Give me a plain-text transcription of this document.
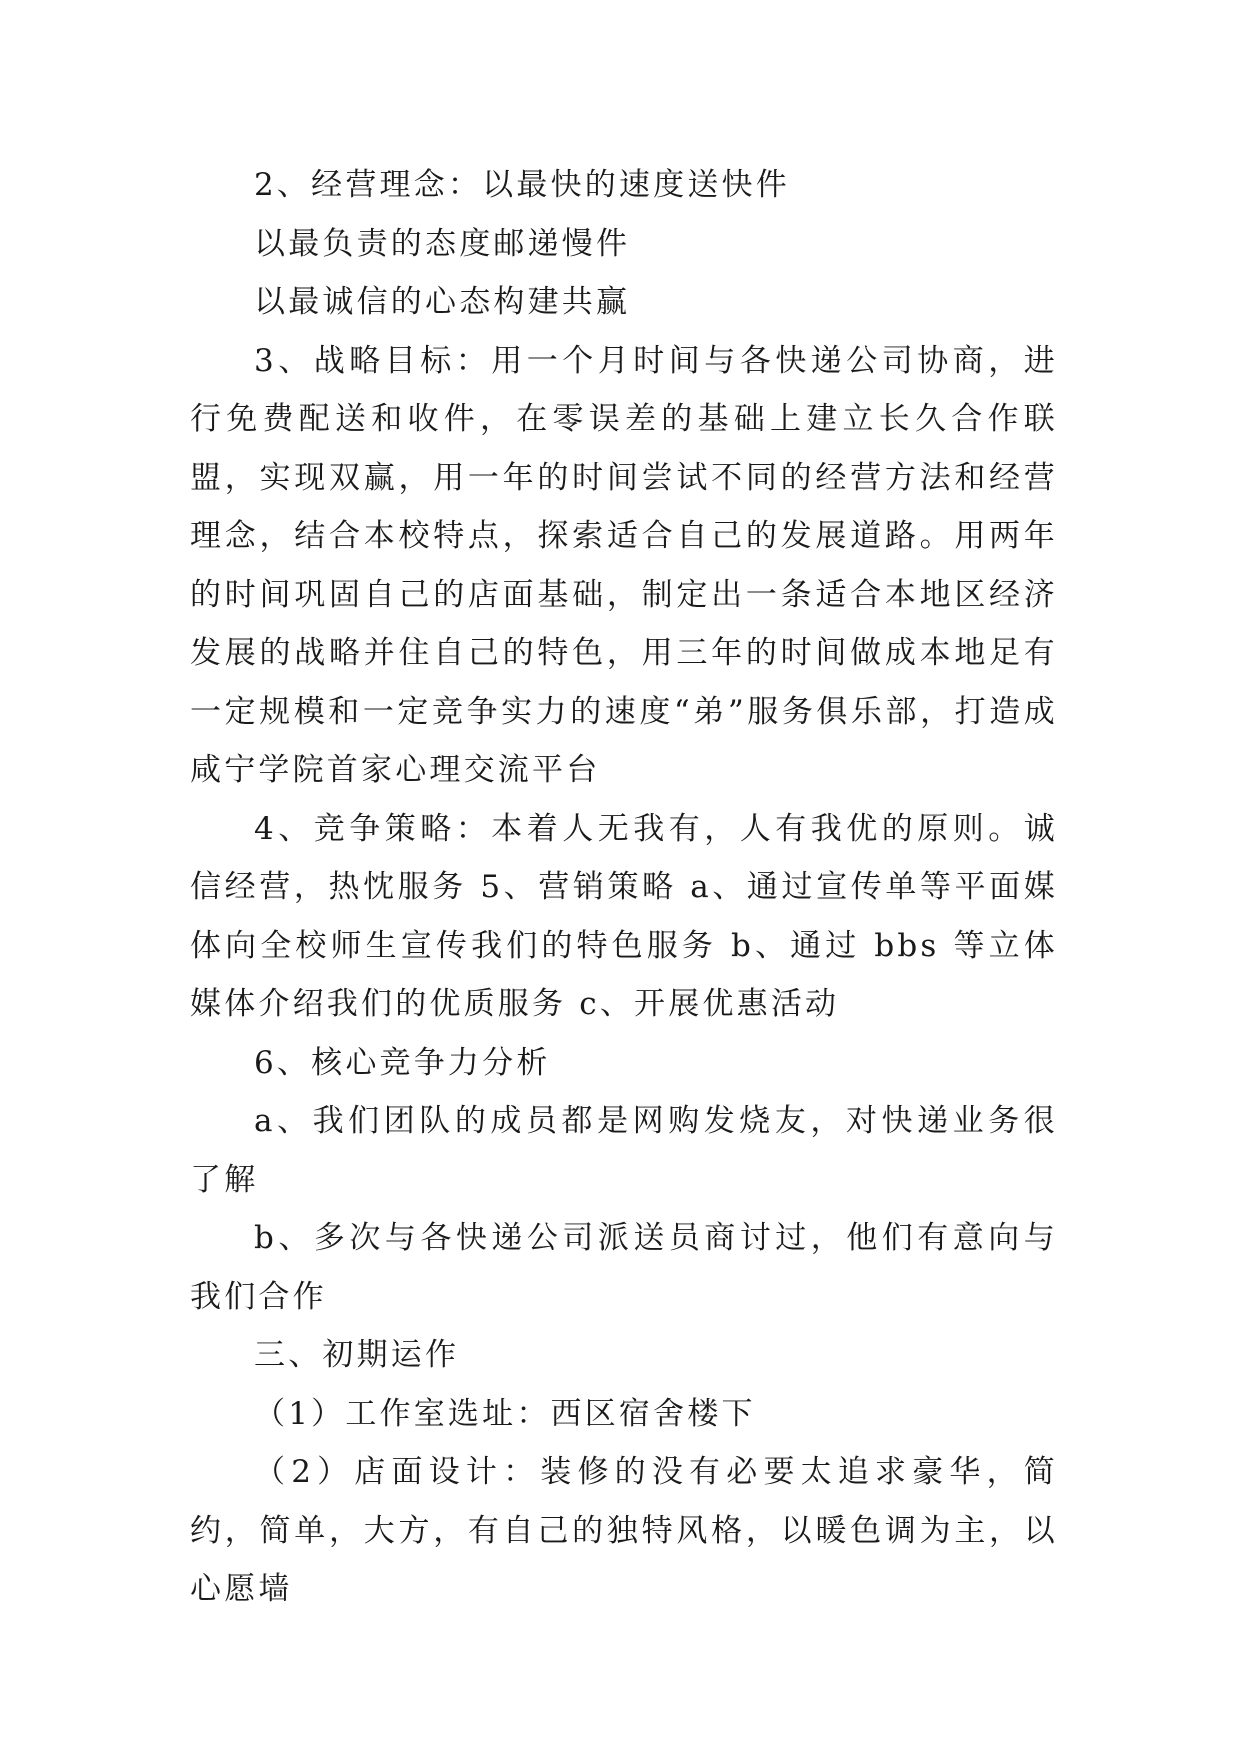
2、经营理念：以最快的速度送快件

以最负责的态度邮递慢件

以最诚信的心态构建共赢

3、战略目标：用一个月时间与各快递公司协商，进行免费配送和收件，在零误差的基础上建立长久合作联盟，实现双赢，用一年的时间尝试不同的经营方法和经营理念，结合本校特点，探索适合自己的发展道路。用两年的时间巩固自己的店面基础，制定出一条适合本地区经济发展的战略并住自己的特色，用三年的时间做成本地足有一定规模和一定竞争实力的速度“弟”服务俱乐部，打造成咸宁学院首家心理交流平台

4、竞争策略：本着人无我有，人有我优的原则。诚信经营，热忱服务 5、营销策略 a、通过宣传单等平面媒体向全校师生宣传我们的特色服务 b、通过 bbs 等立体媒体介绍我们的优质服务 c、开展优惠活动

6、核心竞争力分析

a、我们团队的成员都是网购发烧友，对快递业务很了解

b、多次与各快递公司派送员商讨过，他们有意向与我们合作

三、初期运作

（1）工作室选址：西区宿舍楼下

（2）店面设计：装修的没有必要太追求豪华，简约，简单，大方，有自己的独特风格，以暖色调为主，以心愿墙
